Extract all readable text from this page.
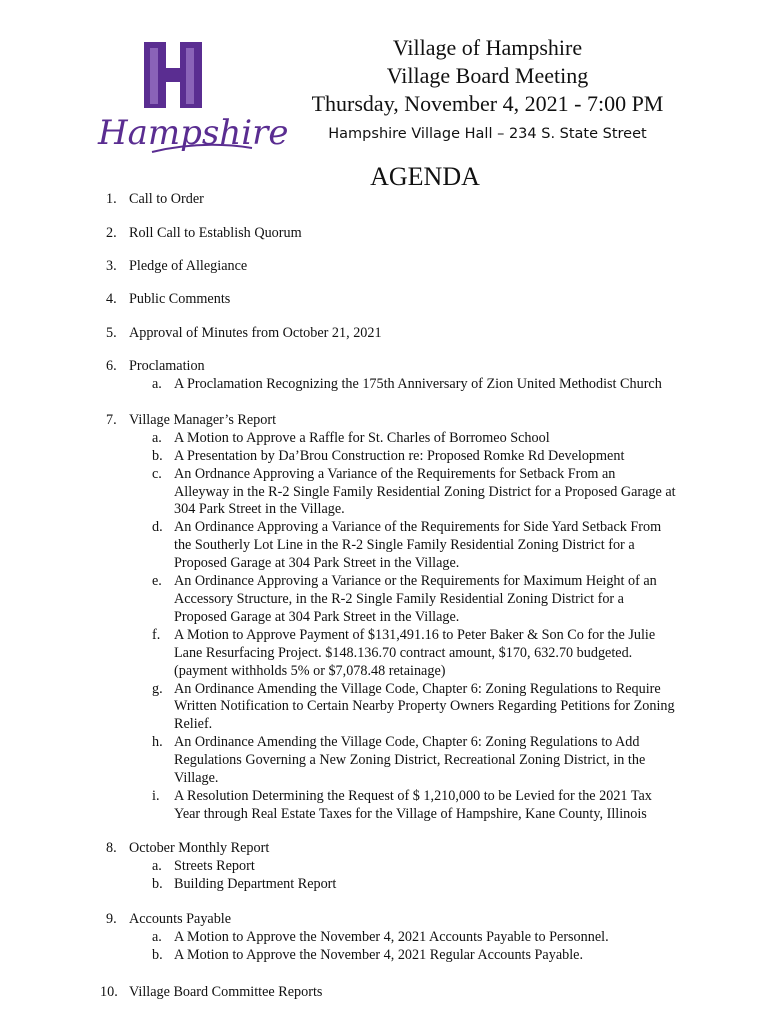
Hampshire
Village of Hampshire
Village Board Meeting
Thursday, November 4, 2021 - 7:00 PM
Hampshire Village Hall – 234 S. State Street
AGENDA
1. Call to Order
2. Roll Call to Establish Quorum
3. Pledge of Allegiance
4. Public Comments
5. Approval of Minutes from October 21, 2021
6. Proclamation
a. A Proclamation Recognizing the 175th Anniversary of Zion United Methodist Church
7. Village Manager’s Report
a. A Motion to Approve a Raffle for St. Charles of Borromeo School
b. A Presentation by Da’Brou Construction re: Proposed Romke Rd Development
c. An Ordnance Approving a Variance of the Requirements for Setback From an
Alleyway in the R-2 Single Family Residential Zoning District for a Proposed Garage at
304 Park Street in the Village.
d. An Ordinance Approving a Variance of the Requirements for Side Yard Setback From
the Southerly Lot Line in the R-2 Single Family Residential Zoning District for a
Proposed Garage at 304 Park Street in the Village.
e. An Ordinance Approving a Variance or the Requirements for Maximum Height of an
Accessory Structure, in the R-2 Single Family Residential Zoning District for a
Proposed Garage at 304 Park Street in the Village.
f. A Motion to Approve Payment of $131,491.16 to Peter Baker & Son Co for the Julie
Lane Resurfacing Project. $148.136.70 contract amount, $170, 632.70 budgeted.
(payment withholds 5% or $7,078.48 retainage)
g. An Ordinance Amending the Village Code, Chapter 6: Zoning Regulations to Require
Written Notification to Certain Nearby Property Owners Regarding Petitions for Zoning
Relief.
h. An Ordinance Amending the Village Code, Chapter 6: Zoning Regulations to Add
Regulations Governing a New Zoning District, Recreational Zoning District, in the
Village.
i. A Resolution Determining the Request of $ 1,210,000 to be Levied for the 2021 Tax
Year through Real Estate Taxes for the Village of Hampshire, Kane County, Illinois
8. October Monthly Report
a. Streets Report
b. Building Department Report
9. Accounts Payable
a. A Motion to Approve the November 4, 2021 Accounts Payable to Personnel.
b. A Motion to Approve the November 4, 2021 Regular Accounts Payable.
10. Village Board Committee Reports
